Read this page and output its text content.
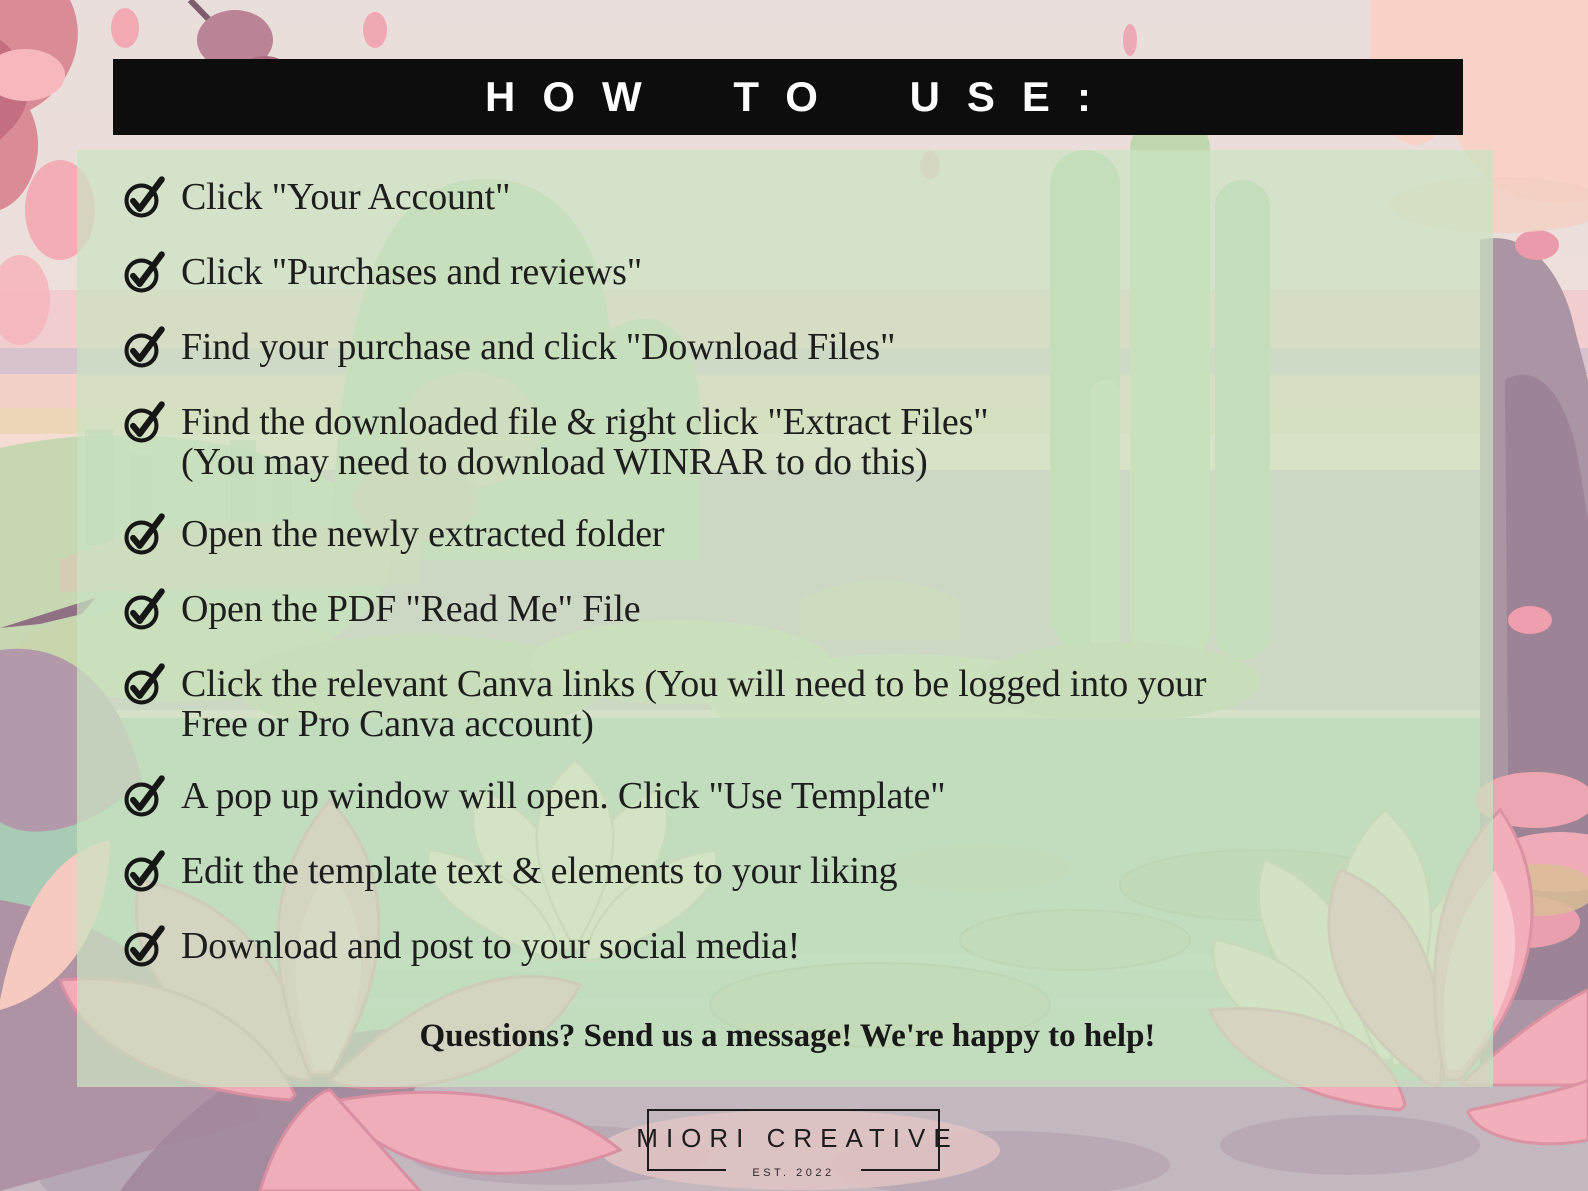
HOW TO USE:
Click "Your Account"
Click "Purchases and reviews"
Find your purchase and click "Download Files"
Find the downloaded file & right click "Extract Files"
(You may need to download WINRAR to do this)
Open the newly extracted folder
Open the PDF "Read Me" File
Click the relevant Canva links (You will need to be logged into your
Free or Pro Canva account)
A pop up window will open. Click "Use Template"
Edit the template text & elements to your liking
Download and post to your social media!
Questions? Send us a message! We're happy to help!
MIORI CREATIVE
EST. 2022
